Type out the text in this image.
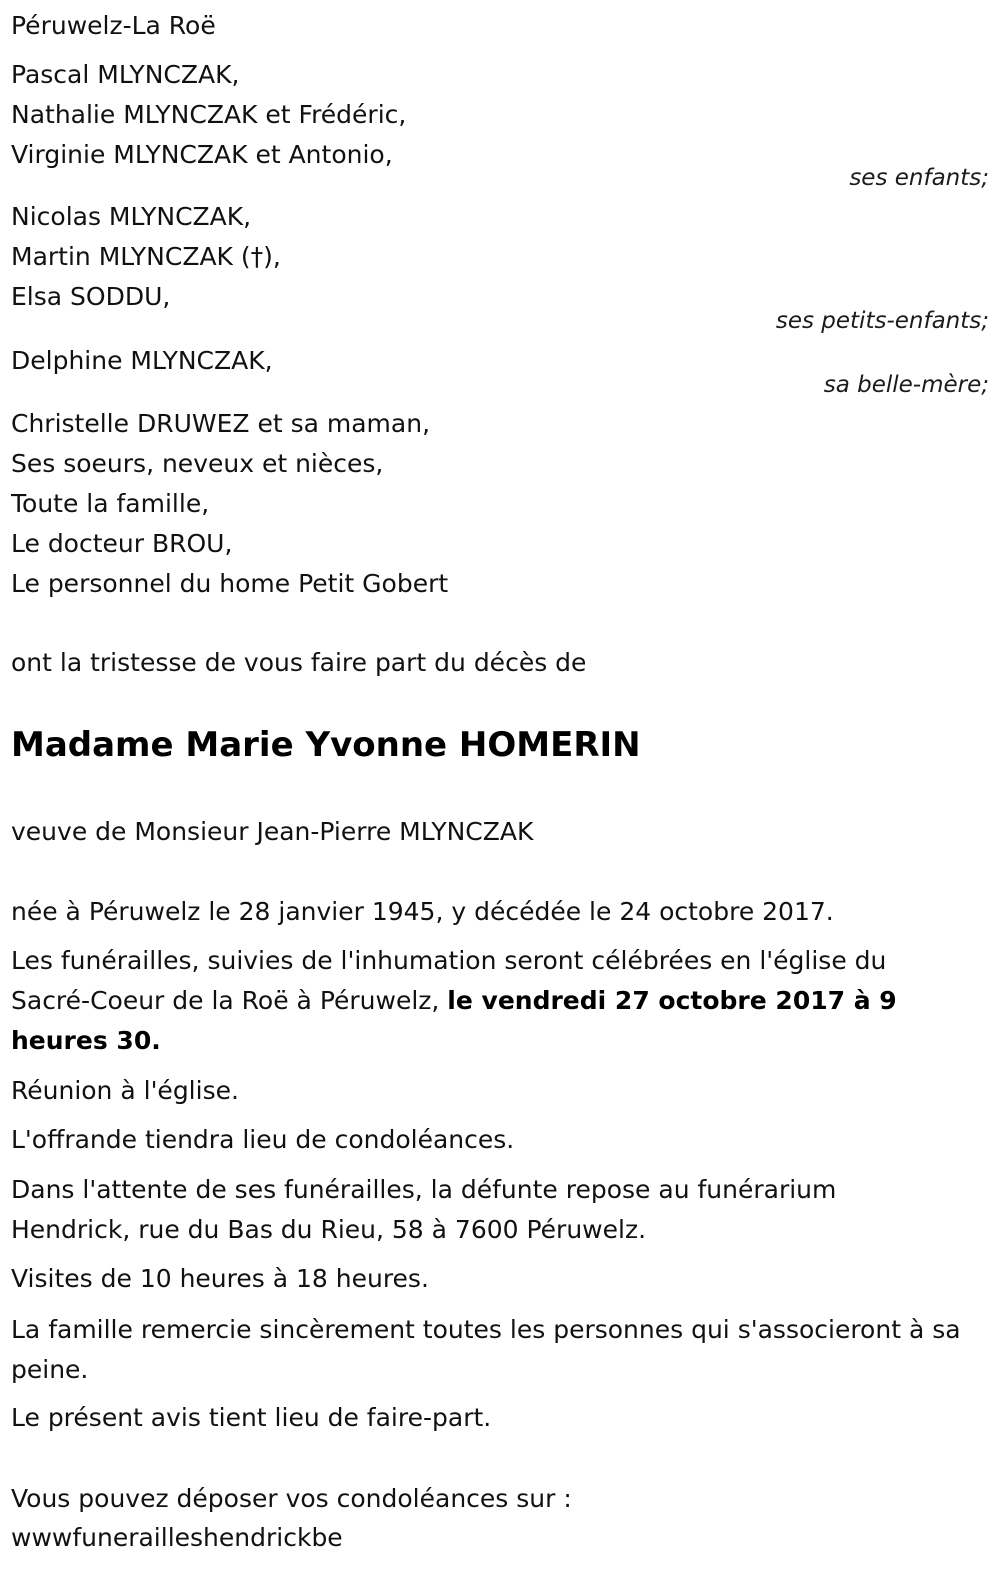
Péruwelz-La Roë
Pascal MLYNCZAK,
Nathalie MLYNCZAK et Frédéric,
Virginie MLYNCZAK et Antonio,
ses enfants;
Nicolas MLYNCZAK,
Martin MLYNCZAK (†),
Elsa SODDU,
ses petits-enfants;
Delphine MLYNCZAK,
sa belle-mère;
Christelle DRUWEZ et sa maman,
Ses soeurs, neveux et nièces,
Toute la famille,
Le docteur BROU,
Le personnel du home Petit Gobert
ont la tristesse de vous faire part du décès de
Madame Marie Yvonne HOMERIN
veuve de Monsieur Jean-Pierre MLYNCZAK
née à Péruwelz le 28 janvier 1945, y décédée le 24 octobre 2017.
Les funérailles, suivies de l'inhumation seront célébrées en l'église du Sacré-Coeur de la Roë à Péruwelz, le vendredi 27 octobre 2017 à 9 heures 30.
Réunion à l'église.
L'offrande tiendra lieu de condoléances.
Dans l'attente de ses funérailles, la défunte repose au funérarium Hendrick, rue du Bas du Rieu, 58 à 7600 Péruwelz.
Visites de 10 heures à 18 heures.
La famille remercie sincèrement toutes les personnes qui s'associeront à sa peine.
Le présent avis tient lieu de faire-part.
Vous pouvez déposer vos condoléances sur :
wwwfunerailleshendrickbe
